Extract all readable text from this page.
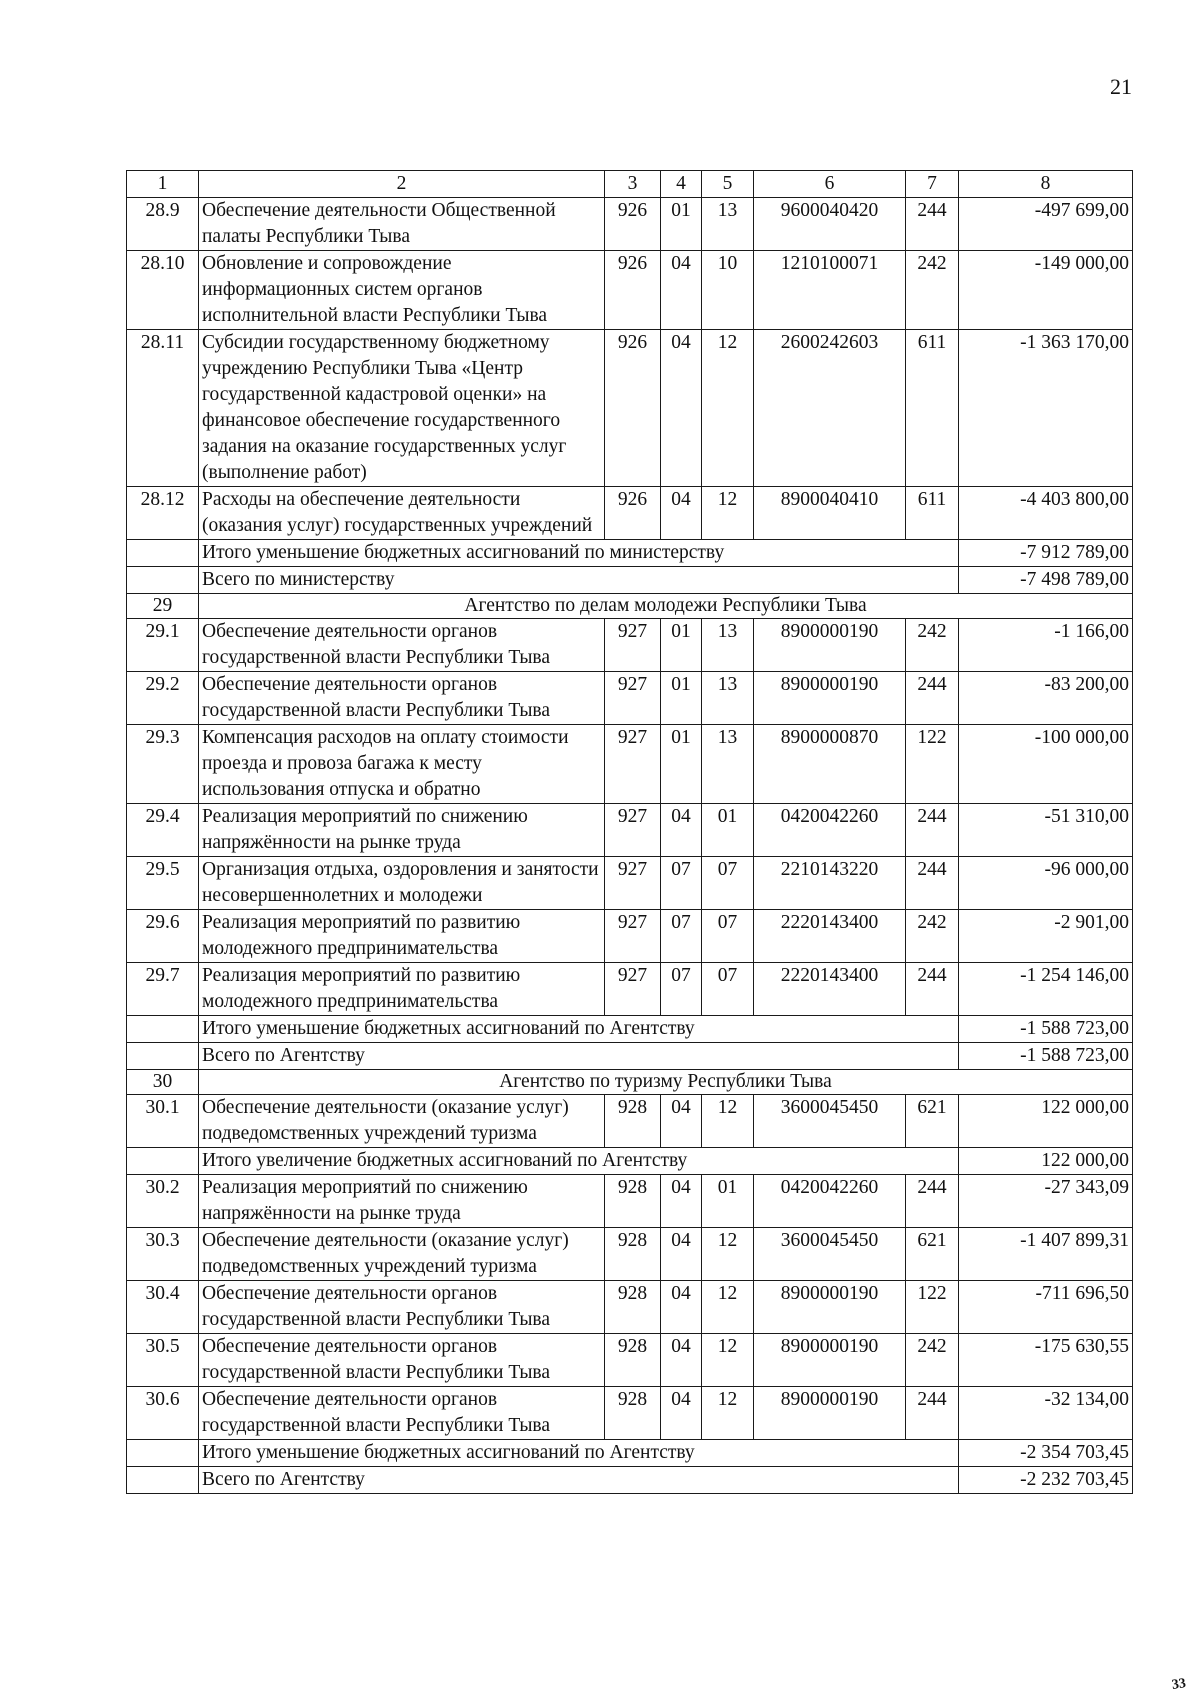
21
1	2	3	4	5	6	7	8
28.9	Обеспечение деятельности Общественной палаты Республики Тыва	926	01	13	9600040420	244	-497 699,00
28.10	Обновление и сопровождение информационных систем органов исполнительной власти Республики Тыва	926	04	10	1210100071	242	-149 000,00
28.11	Субсидии государственному бюджетному учреждению Республики Тыва «Центр государственной кадастровой оценки» на финансовое обеспечение государственного задания на оказание государственных услуг (выполнение работ)	926	04	12	2600242603	611	-1 363 170,00
28.12	Расходы на обеспечение деятельности (оказания услуг) государственных учреждений	926	04	12	8900040410	611	-4 403 800,00
	Итого уменьшение бюджетных ассигнований по министерству						-7 912 789,00
	Всего по министерству						-7 498 789,00
29	Агентство по делам молодежи Республики Тыва						
29.1	Обеспечение деятельности органов государственной власти Республики Тыва	927	01	13	8900000190	242	-1 166,00
29.2	Обеспечение деятельности органов государственной власти Республики Тыва	927	01	13	8900000190	244	-83 200,00
29.3	Компенсация расходов на оплату стоимости проезда и провоза багажа к месту использования отпуска и обратно	927	01	13	8900000870	122	-100 000,00
29.4	Реализация мероприятий по снижению напряжённости на рынке труда	927	04	01	0420042260	244	-51 310,00
29.5	Организация отдыха, оздоровления и занятости несовершеннолетних и молодежи	927	07	07	2210143220	244	-96 000,00
29.6	Реализация мероприятий по развитию молодежного предпринимательства	927	07	07	2220143400	242	-2 901,00
29.7	Реализация мероприятий по развитию молодежного предпринимательства	927	07	07	2220143400	244	-1 254 146,00
	Итого уменьшение бюджетных ассигнований по Агентству						-1 588 723,00
	Всего по Агентству						-1 588 723,00
30	Агентство по туризму Республики Тыва						
30.1	Обеспечение деятельности (оказание услуг) подведомственных учреждений туризма	928	04	12	3600045450	621	122 000,00
	Итого увеличение бюджетных ассигнований по Агентству						122 000,00
30.2	Реализация мероприятий по снижению напряжённости на рынке труда	928	04	01	0420042260	244	-27 343,09
30.3	Обеспечение деятельности (оказание услуг) подведомственных учреждений туризма	928	04	12	3600045450	621	-1 407 899,31
30.4	Обеспечение деятельности органов государственной власти Республики Тыва	928	04	12	8900000190	122	-711 696,50
30.5	Обеспечение деятельности органов государственной власти Республики Тыва	928	04	12	8900000190	242	-175 630,55
30.6	Обеспечение деятельности органов государственной власти Республики Тыва	928	04	12	8900000190	244	-32 134,00
	Итого уменьшение бюджетных ассигнований по Агентству						-2 354 703,45
	Всего по Агентству						-2 232 703,45
33
